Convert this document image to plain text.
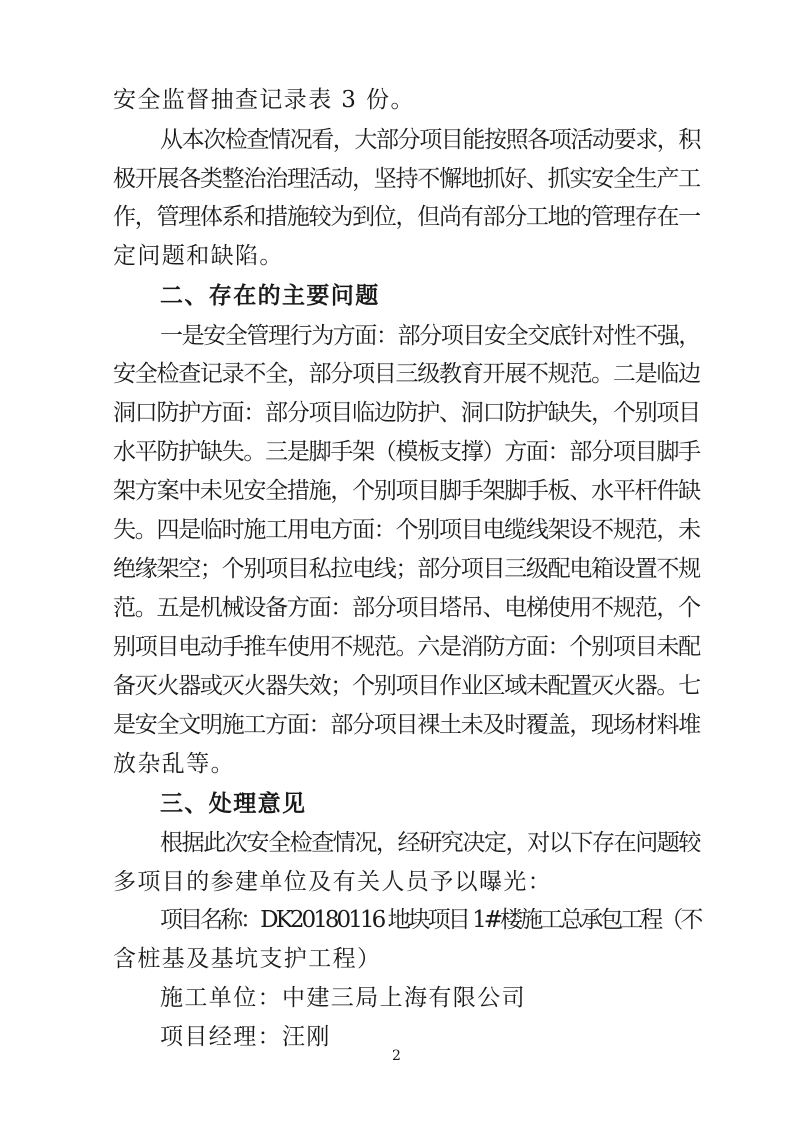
安全监督抽查记录表 3 份。
从本次检查情况看，大部分项目能按照各项活动要求，积
极开展各类整治治理活动，坚持不懈地抓好、抓实安全生产工
作，管理体系和措施较为到位，但尚有部分工地的管理存在一
定问题和缺陷。
二、存在的主要问题
一是安全管理行为方面：部分项目安全交底针对性不强，
安全检查记录不全，部分项目三级教育开展不规范。二是临边
洞口防护方面：部分项目临边防护、洞口防护缺失，个别项目
水平防护缺失。三是脚手架（模板支撑）方面：部分项目脚手
架方案中未见安全措施，个别项目脚手架脚手板、水平杆件缺
失。四是临时施工用电方面：个别项目电缆线架设不规范，未
绝缘架空；个别项目私拉电线；部分项目三级配电箱设置不规
范。五是机械设备方面：部分项目塔吊、电梯使用不规范，个
别项目电动手推车使用不规范。六是消防方面：个别项目未配
备灭火器或灭火器失效；个别项目作业区域未配置灭火器。七
是安全文明施工方面：部分项目裸土未及时覆盖，现场材料堆
放杂乱等。
三、处理意见
根据此次安全检查情况，经研究决定，对以下存在问题较
多项目的参建单位及有关人员予以曝光：
项目名称：DK20180116 地块项目 1#楼施工总承包工程（不
含桩基及基坑支护工程）
施工单位：中建三局上海有限公司
项目经理：汪刚
2
